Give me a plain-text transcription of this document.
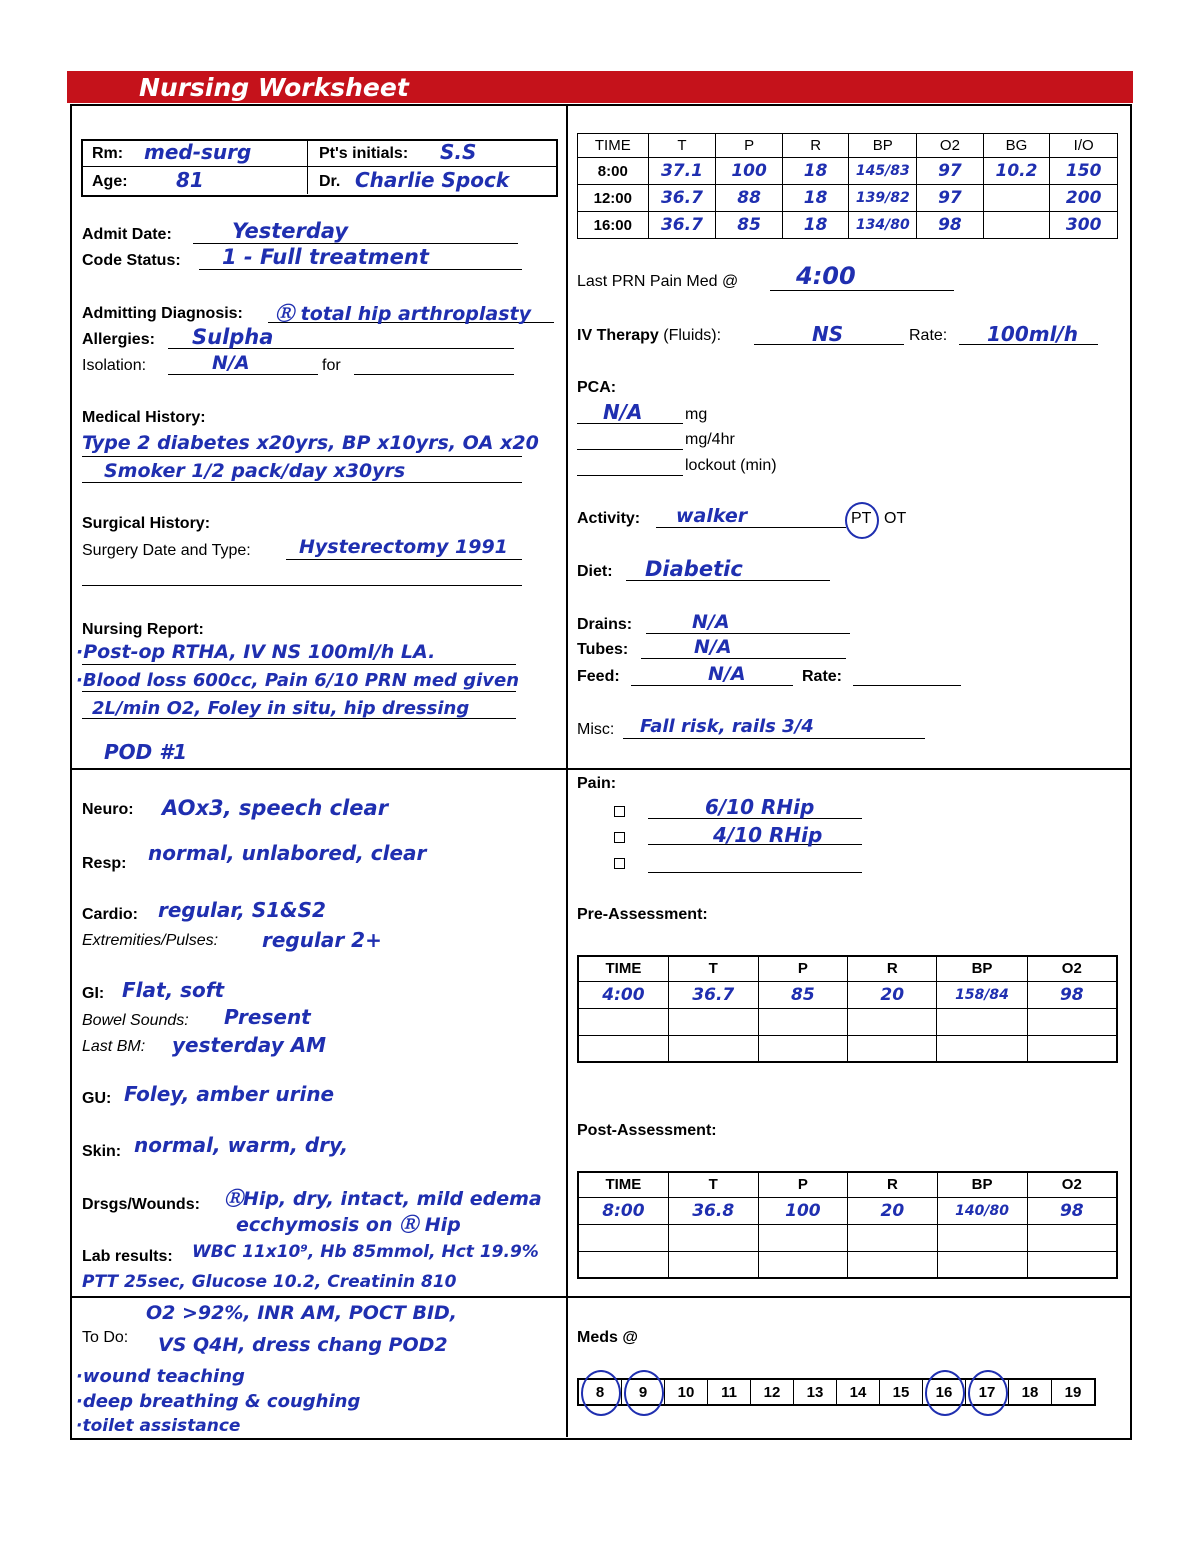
Nursing Worksheet
Rm: med-surg	Pt's initials: S.S
Age: 81	Dr. Charlie Spock
Admit Date:	Yesterday
Code Status: 1 - Full treatment
Admitting Diagnosis: Ⓡ total hip arthroplasty
Allergies: Sulpha
Isolation:	N/A	for
Medical History:
Type 2 diabetes x20yrs, BP x10yrs, OA x20
Smoker 1/2 pack/day x30yrs
Surgical History:
Surgery Date and Type:	Hysterectomy 1991
Nursing Report:
·Post-op RTHA, IV NS 100ml/h LA.
·Blood loss 600cc, Pain 6/10 PRN med given
2L/min O2, Foley in situ, hip dressing
POD #1
TIME	T	P	R	BP	O2	BG	I/O
8:00	37.1	100	18	145/83	97	10.2	150
12:00	36.7	88	18	139/82	97		200
16:00	36.7	85	18	134/80	98		300
Last PRN Pain Med @ 4:00
IV Therapy (Fluids):	NS	Rate: 100ml/h
PCA:
N/A	mg
mg/4hr
lockout (min)
Activity: walker	PT OT
Diet: Diabetic
Drains:	N/A
Tubes:	N/A
Feed:	N/A	Rate:
Misc: Fall risk, rails 3/4
Neuro: AOx3, speech clear
Resp: normal, unlabored, clear
Cardio: regular, S1&S2
Extremities/Pulses: regular 2+
GI: Flat, soft
Bowel Sounds: Present
Last BM: yesterday AM
GU: Foley, amber urine
Skin: normal, warm, dry,
Drsgs/Wounds: ⓇHip, dry, intact, mild edema
ecchymosis on Ⓡ Hip
Lab results: WBC 11x10⁹, Hb 85mmol, Hct 19.9%
PTT 25sec, Glucose 10.2, Creatinin 810
Pain:
6/10 RHip
4/10 RHip
Pre-Assessment:
TIME	T	P	R	BP	O2
4:00	36.7	85	20	158/84	98

Post-Assessment:
TIME	T	P	R	BP	O2
8:00	36.8	100	20	140/80	98

To Do:
O2 >92%, INR AM, POCT BID,
VS Q4H, dress chang POD2
·wound teaching
·deep breathing & coughing
·toilet assistance
Meds @
8	9	10	11	12	13	14	15	16	17	18	19
